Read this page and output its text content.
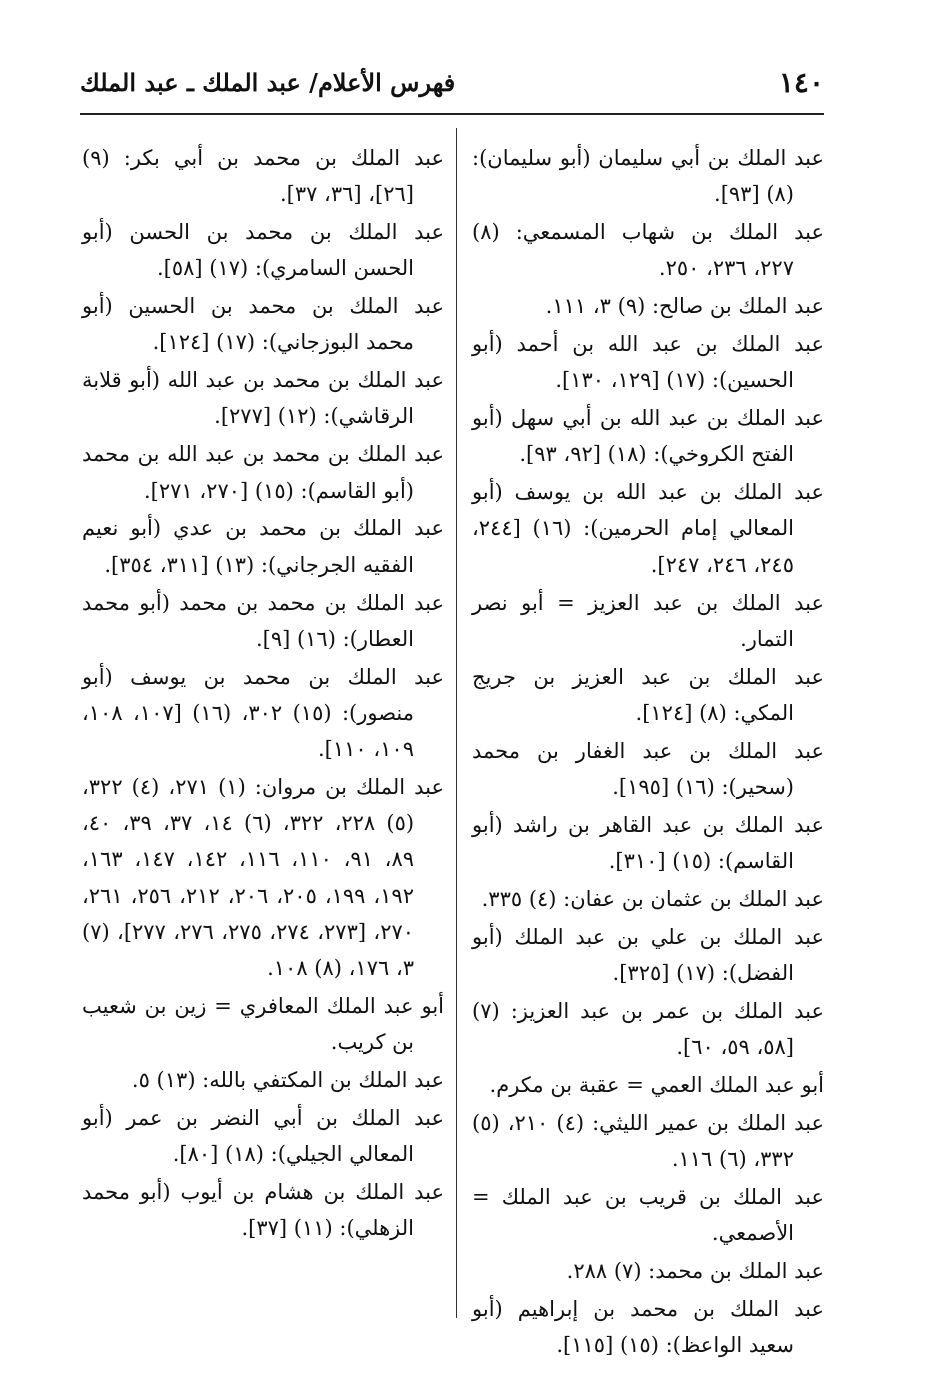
١٤٠
فهرس الأعلام/ عبد الملك ـ عبد الملك

عبد الملك بن أبي سليمان (أبو سليمان): (٨) [٩٣].

عبد الملك بن شهاب المسمعي: (٨) ٢٢٧، ٢٣٦، ٢٥٠.

عبد الملك بن صالح: (٩) ٣، ١١١.

عبد الملك بن عبد الله بن أحمد (أبو الحسين): (١٧) [١٢٩، ١٣٠].

عبد الملك بن عبد الله بن أبي سهل (أبو الفتح الكروخي): (١٨) [٩٢، ٩٣].

عبد الملك بن عبد الله بن يوسف (أبو المعالي إمام الحرمين): (١٦) [٢٤٤، ٢٤٥، ٢٤٦، ٢٤٧].

عبد الملك بن عبد العزيز = أبو نصر التمار.

عبد الملك بن عبد العزيز بن جريج المكي: (٨) [١٢٤].

عبد الملك بن عبد الغفار بن محمد (سحير): (١٦) [١٩٥].

عبد الملك بن عبد القاهر بن راشد (أبو القاسم): (١٥) [٣١٠].

عبد الملك بن عثمان بن عفان: (٤) ٣٣٥.

عبد الملك بن علي بن عبد الملك (أبو الفضل): (١٧) [٣٢٥].

عبد الملك بن عمر بن عبد العزيز: (٧) [٥٨، ٥٩، ٦٠].

أبو عبد الملك العمي = عقبة بن مكرم.

عبد الملك بن عمير الليثي: (٤) ٢١٠، (٥) ٣٣٢، (٦) ١١٦.

عبد الملك بن قريب بن عبد الملك = الأصمعي.

عبد الملك بن محمد: (٧) ٢٨٨.

عبد الملك بن محمد بن إبراهيم (أبو سعيد الواعظ): (١٥) [١١٥].

عبد الملك بن محمد بن أبي بكر: (٩) [٢٦]، [٣٦، ٣٧].

عبد الملك بن محمد بن الحسن (أبو الحسن السامري): (١٧) [٥٨].

عبد الملك بن محمد بن الحسين (أبو محمد البوزجاني): (١٧) [١٢٤].

عبد الملك بن محمد بن عبد الله (أبو قلابة الرقاشي): (١٢) [٢٧٧].

عبد الملك بن محمد بن عبد الله بن محمد (أبو القاسم): (١٥) [٢٧٠، ٢٧١].

عبد الملك بن محمد بن عدي (أبو نعيم الفقيه الجرجاني): (١٣) [٣١١، ٣٥٤].

عبد الملك بن محمد بن محمد (أبو محمد العطار): (١٦) [٩].

عبد الملك بن محمد بن يوسف (أبو منصور): (١٥) ٣٠٢، (١٦) [١٠٧، ١٠٨، ١٠٩، ١١٠].

عبد الملك بن مروان: (١) ٢٧١، (٤) ٣٢٢، (٥) ٢٢٨، ٣٢٢، (٦) ١٤، ٣٧، ٣٩، ٤٠، ٨٩، ٩١، ١١٠، ١١٦، ١٤٢، ١٤٧، ١٦٣، ١٩٢، ١٩٩، ٢٠٥، ٢٠٦، ٢١٢، ٢٥٦، ٢٦١، ٢٧٠، [٢٧٣، ٢٧٤، ٢٧٥، ٢٧٦، ٢٧٧]، (٧) ٣، ١٧٦، (٨) ١٠٨.

أبو عبد الملك المعافري = زين بن شعيب بن كريب.

عبد الملك بن المكتفي بالله: (١٣) ٥.

عبد الملك بن أبي النضر بن عمر (أبو المعالي الجيلي): (١٨) [٨٠].

عبد الملك بن هشام بن أيوب (أبو محمد الزهلي): (١١) [٣٧].
